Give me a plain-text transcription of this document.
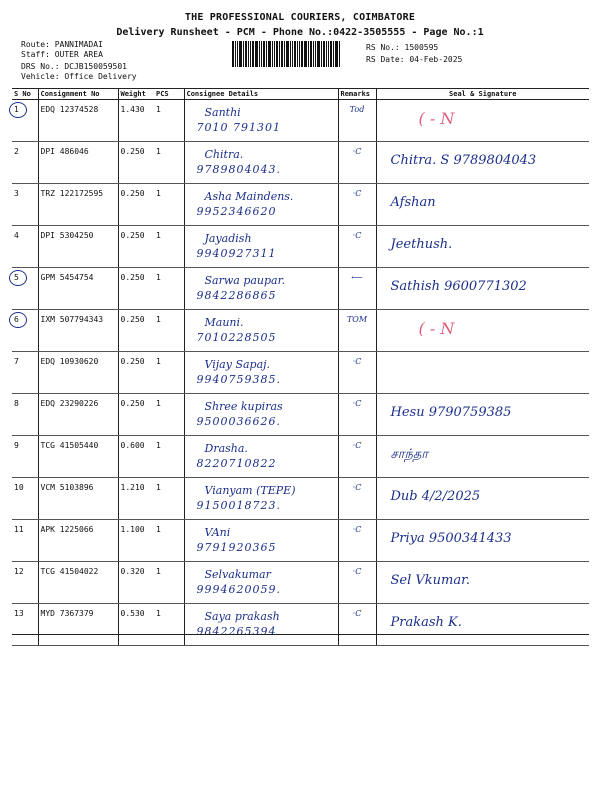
THE PROFESSIONAL COURIERS, COIMBATORE
Delivery Runsheet - PCM - Phone No.:0422-3505555 - Page No.:1
Route: PANNIMADAI
Staff: OUTER AREA
DRS No.: DCJB150059501
Vehicle: Office Delivery
RS No.: 1500595
RS Date: 04-Feb-2025
S No	Consignment No	Weight	PCS	Consignee Details	Remarks	Seal & Signature

1	EDQ 12374528	1.430	1	Santhi
7010 791301	Tod	( - N

2	DPI 486046	0.250	1	Chitra.
9789804043.	·C	Chitra. S 9789804043

3	TRZ 122172595	0.250	1	Asha Maindens.
9952346620	·C	Afshan

4	DPI 5304250	0.250	1	Jayadish
9940927311	·C	Jeethush.

5	GPM 5454754	0.250	1	Sarwa paupar.
9842286865	⟵	Sathish 9600771302

6	IXM 507794343	0.250	1	Mauni.
7010228505	TOM	( - N

7	EDQ 10930620	0.250	1	Vijay Sapaj.
9940759385.	·C	

8	EDQ 23290226	0.250	1	Shree kupiras
9500036626.	·C	Hesu 9790759385

9	TCG 41505440	0.600	1	Drasha.
8220710822	·C	சாந்தா

10	VCM 5103896	1.210	1	Vianyam (TEPE)
9150018723.	·C	Dub 4/2/2025

11	APK 1225066	1.100	1	VAni
9791920365	·C	Priya 9500341433

12	TCG 41504022	0.320	1	Selvakumar
9994620059.	·C	Sel Vkumar.

13	MYD 7367379	0.530	1	Saya prakash
9842265394	·C	Prakash K.
